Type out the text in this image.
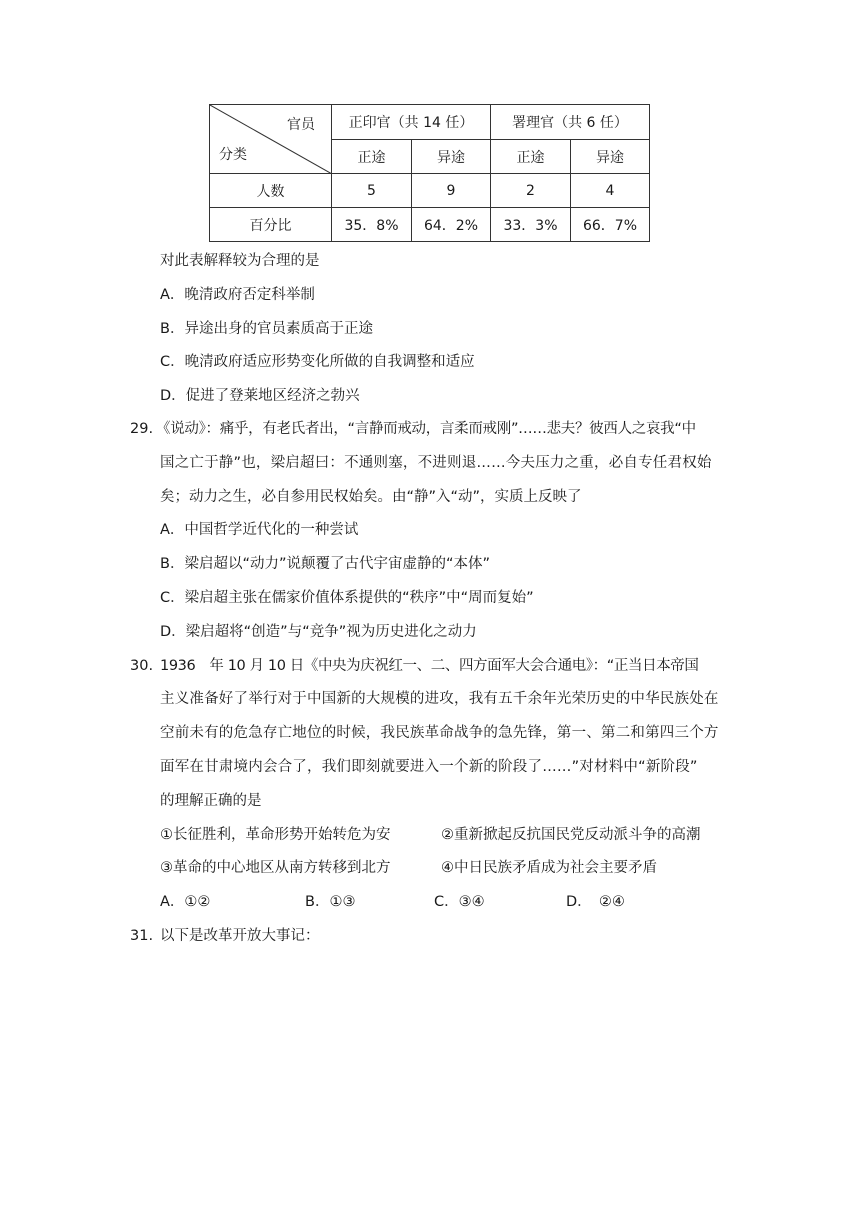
官员
分类	正印官（共 14 任）		署理官（共 6 任）	
	正途	异途	正途	异途
人数	5	9	2	4
百分比	35．8%	64．2%	33．3%	66．7%
对此表解释较为合理的是
A．晚清政府否定科举制
B．异途出身的官员素质高于正途
C．晚清政府适应形势变化所做的自我调整和适应
D．促进了登莱地区经济之勃兴
29. 《说动》：痛乎，有老氏者出，“言静而戒动，言柔而戒刚”……悲夫？彼西人之哀我“中
国之亡于静”也，梁启超曰：不通则塞，不进则退……今夫压力之重，必自专任君权始
矣；动力之生，必自参用民权始矣。由“静”入“动”，实质上反映了
A．中国哲学近代化的一种尝试
B．梁启超以“动力”说颠覆了古代宇宙虚静的“本体”
C．梁启超主张在儒家价值体系提供的“秩序”中“周而复始”
D．梁启超将“创造”与“竞争”视为历史进化之动力
30. 1936　年 10 月 10 日《中央为庆祝红一、二、四方面军大会合通电》：“正当日本帝国
主义准备好了举行对于中国新的大规模的进攻，我有五千余年光荣历史的中华民族处在
空前未有的危急存亡地位的时候，我民族革命战争的急先锋，第一、第二和第四三个方
面军在甘肃境内会合了，我们即刻就要进入一个新的阶段了……”对材料中“新阶段”
的理解正确的是
①长征胜利，革命形势开始转危为安	②重新掀起反抗国民党反动派斗争的高潮
③革命的中心地区从南方转移到北方	④中日民族矛盾成为社会主要矛盾
A．①②	B．①③	C．③④	D．　②④
31. 以下是改革开放大事记：
